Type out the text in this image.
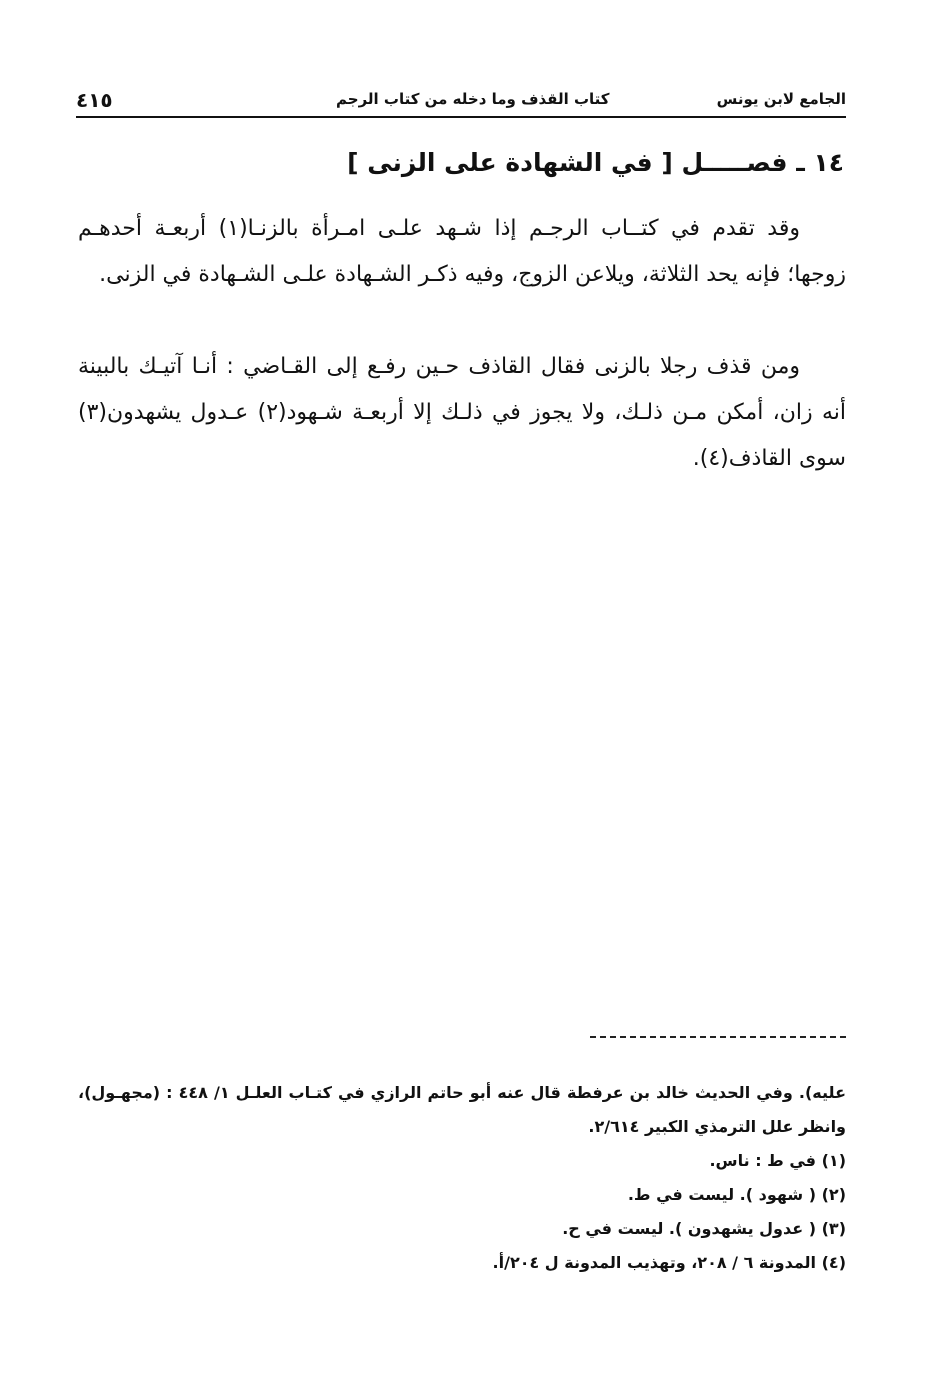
الجامع لابن يونس
كتاب القذف وما دخله من كتاب الرجم
٤١٥
١٤ ـ فصـــــل [ في الشهادة على الزنى ]

وقد تقدم في كتــاب الرجـم إذا شـهد علـى امـرأة بالزنـا(١) أربعـة أحدهـم زوجها؛ فإنه يحد الثلاثة، ويلاعن الزوج، وفيه ذكـر الشـهادة علـى الشـهادة في الزنى.

ومن قذف رجلا بالزنى فقال القاذف حـين رفـع إلى القـاضي : أنـا آتيـك بالبينة أنه زان، أمكن مـن ذلـك، ولا يجوز في ذلـك إلا أربعـة شـهود(٢) عـدول يشهدون(٣) سوى القاذف(٤).

عليه). وفي الحديث خالد بن عرفطة قال عنه أبو حاتم الرازي في كتـاب العلـل ١/ ٤٤٨ : (مجهـول)، وانظر علل الترمذي الكبير ٢/٦١٤.
(١) في ط : ناس.
(٢) ( شهود ). ليست في ط.
(٣) ( عدول يشهدون ). ليست في ح.
(٤) المدونة ٦ / ٢٠٨، وتهذيب المدونة ل ٢٠٤/أ.
